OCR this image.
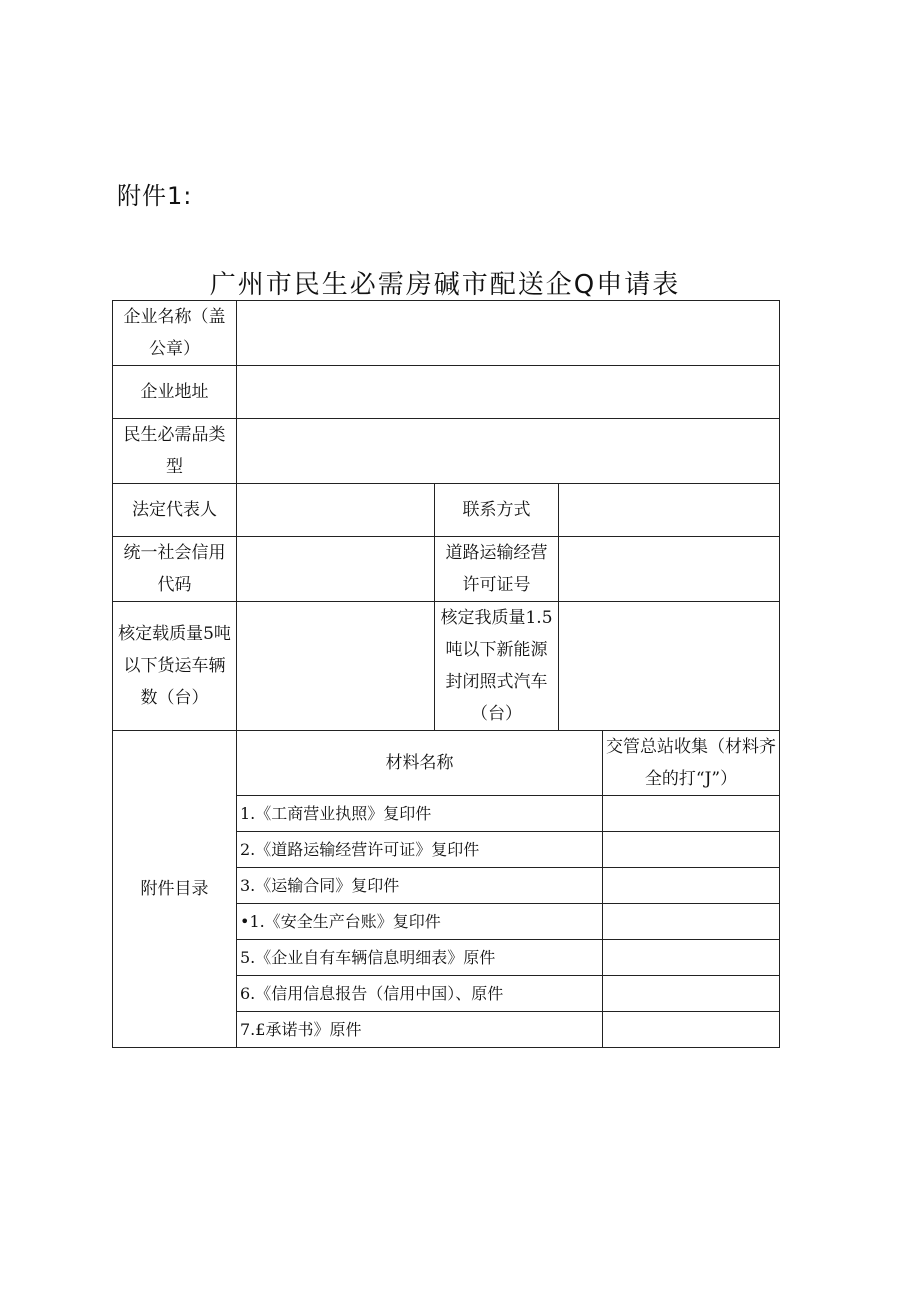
附件1:
广州市民生必需房碱市配送企Q申请表
企业名称（盖公章）				
企业地址				
民生必需品类型				
法定代表人		联系方式		
统一社会信用代码		道路运输经营许可证号		
核定载质量5吨以下货运车辆数（台）		核定我质量1.5吨以下新能源封闭照式汽车（台）		
附件目录	材料名称			交管总站收集（材料齐全的打“J”）
	1.《工商营业执照》复印件			
	2.《道路运输经营许可证》复印件			
	3.《运输合同》复印件			
	•1.《安全生产台账》复印件			
	5.《企业自有车辆信息明细表》原件			
	6.《信用信息报告（信用中国）、原件			
	7.£承诺书》原件			
